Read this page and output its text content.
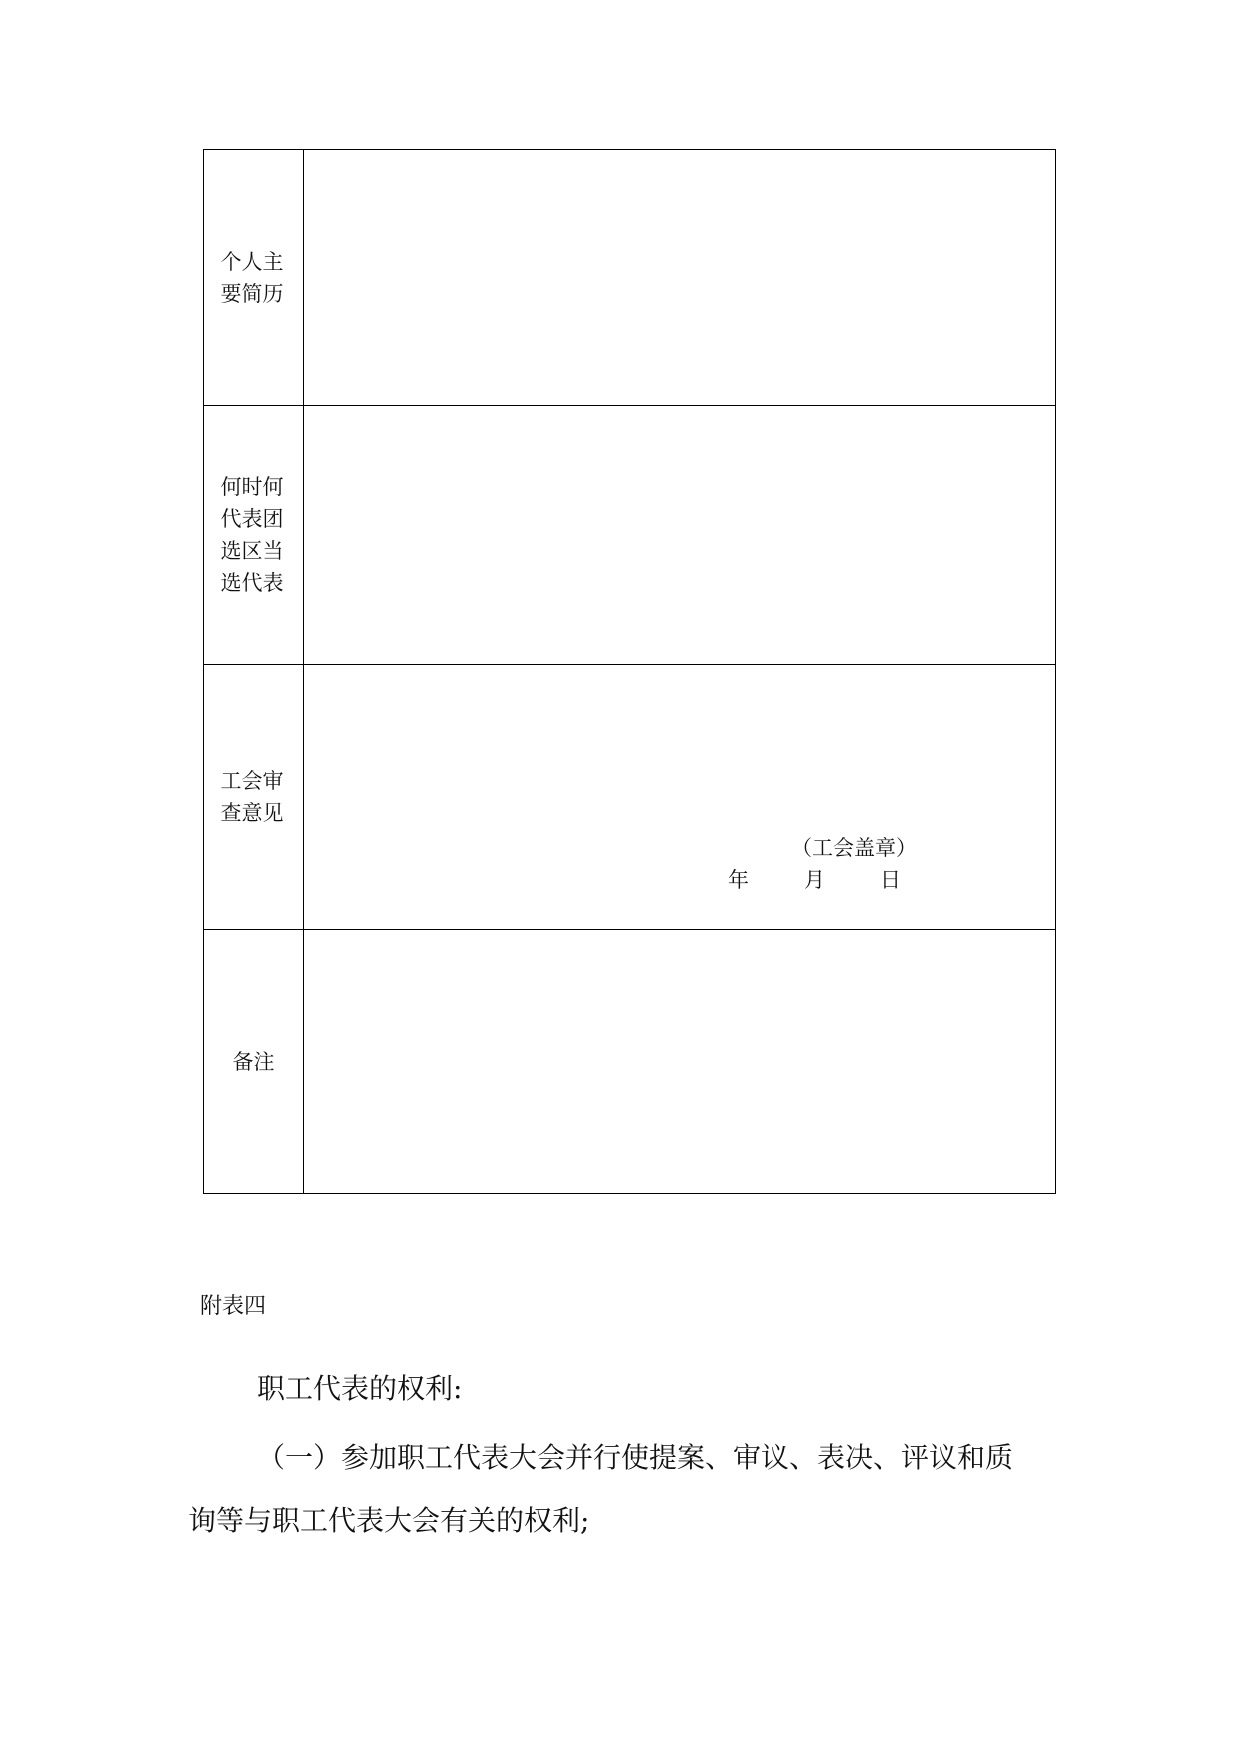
个人主要简历	
何时何代表团选区当选代表	
工会审查意见	（工会盖章）
年 月 日

备注	
附表四
职工代表的权利:
（一）参加职工代表大会并行使提案、审议、表决、评议和质
询等与职工代表大会有关的权利;
